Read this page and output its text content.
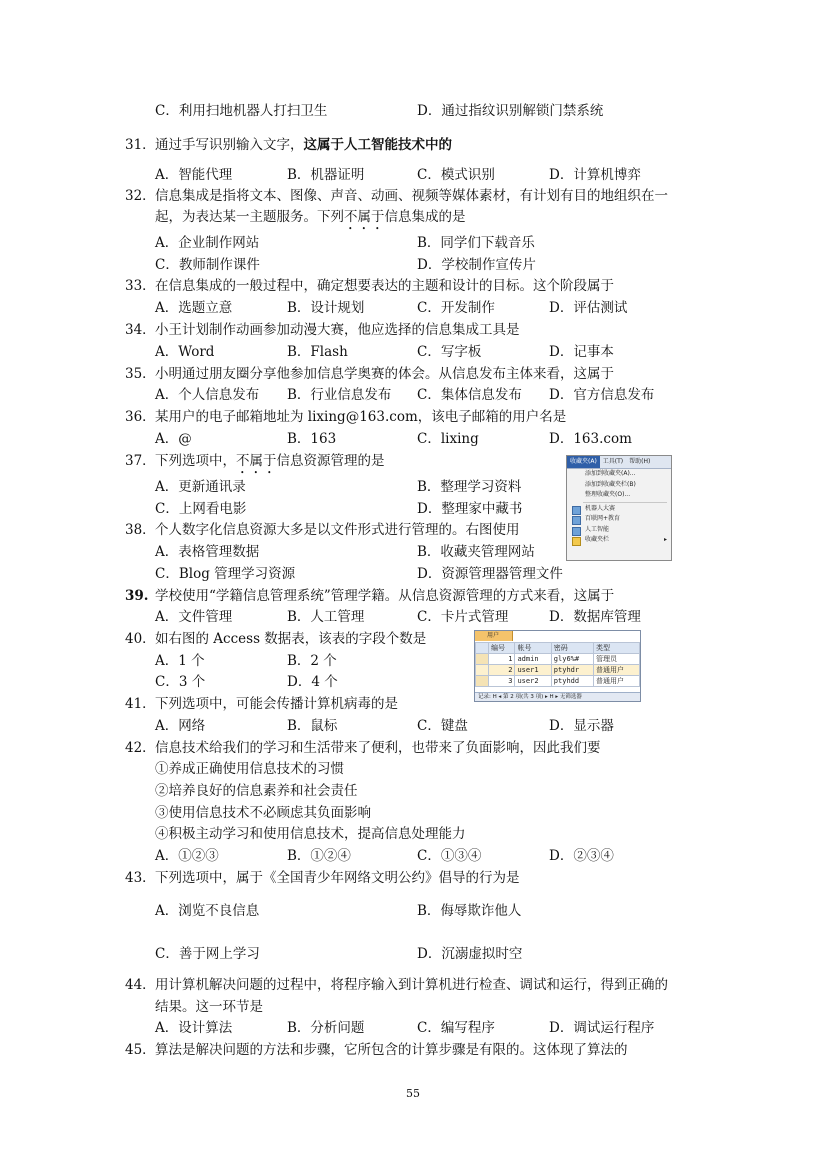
C．利用扫地机器人打扫卫生	D．通过指纹识别解锁门禁系统
31． 通过手写识别输入文字，这属于人工智能技术中的
A．智能代理	B．机器证明	C．模式识别	D．计算机博弈
32． 信息集成是指将文本、图像、声音、动画、视频等媒体素材，有计划有目的地组织在一
起，为表达某一主题服务。下列不属于信息集成的是
A．企业制作网站	B．同学们下载音乐
C．教师制作课件	D．学校制作宣传片
33． 在信息集成的一般过程中，确定想要表达的主题和设计的目标。这个阶段属于
A．选题立意	B．设计规划	C．开发制作	D．评估测试
34． 小王计划制作动画参加动漫大赛，他应选择的信息集成工具是
A．Word	B．Flash	C．写字板	D．记事本
35． 小明通过朋友圈分享他参加信息学奥赛的体会。从信息发布主体来看，这属于
A．个人信息发布 B．行业信息发布 C．集体信息发布 D．官方信息发布
36． 某用户的电子邮箱地址为 lixing@163.com，该电子邮箱的用户名是
A．@	B．163	C．lixing	D．163.com
37． 下列选项中，不属于信息资源管理的是
A．更新通讯录	B．整理学习资料
C．上网看电影	D．整理家中藏书
收藏夹(A)	工具(T)	帮助(H)
添加到收藏夹(A)...
添加到收藏夹栏(B)
整理收藏夹(O)...
机器人大赛
百联网+教育
人工智能
收藏夹栏	▸
38． 个人数字化信息资源大多是以文件形式进行管理的。右图使用
A．表格管理数据	B．收藏夹管理网站
C．Blog 管理学习资源	D．资源管理器管理文件
39. 学校使用“学籍信息管理系统”管理学籍。从信息资源管理的方式来看，这属于
A．文件管理	B．人工管理	C．卡片式管理	D．数据库管理
40． 如右图的 Access 数据表，该表的字段个数是
A．1 个	B．2 个
C．3 个	D．4 个
用户
	编号	帐号	密码	类型
	1	admin	gly6%#	管理员
	2	user1	ptyhdr	普通用户
	3	user2	ptyhdd	普通用户
记录: H ◂ 第 2 项(共 3 项) ▸ H ▸ 无筛选器
41． 下列选项中，可能会传播计算机病毒的是
A．网络	B．鼠标	C．键盘	D．显示器
42． 信息技术给我们的学习和生活带来了便利，也带来了负面影响，因此我们要
①养成正确使用信息技术的习惯
②培养良好的信息素养和社会责任
③使用信息技术不必顾虑其负面影响
④积极主动学习和使用信息技术，提高信息处理能力
A．①②③	B．①②④	C．①③④	D．②③④
43． 下列选项中，属于《全国青少年网络文明公约》倡导的行为是
A．浏览不良信息	B．侮辱欺诈他人
C．善于网上学习	D．沉溺虚拟时空
44． 用计算机解决问题的过程中，将程序输入到计算机进行检查、调试和运行，得到正确的
结果。这一环节是
A．设计算法	B．分析问题	C．编写程序	D．调试运行程序
45． 算法是解决问题的方法和步骤，它所包含的计算步骤是有限的。这体现了算法的
55
